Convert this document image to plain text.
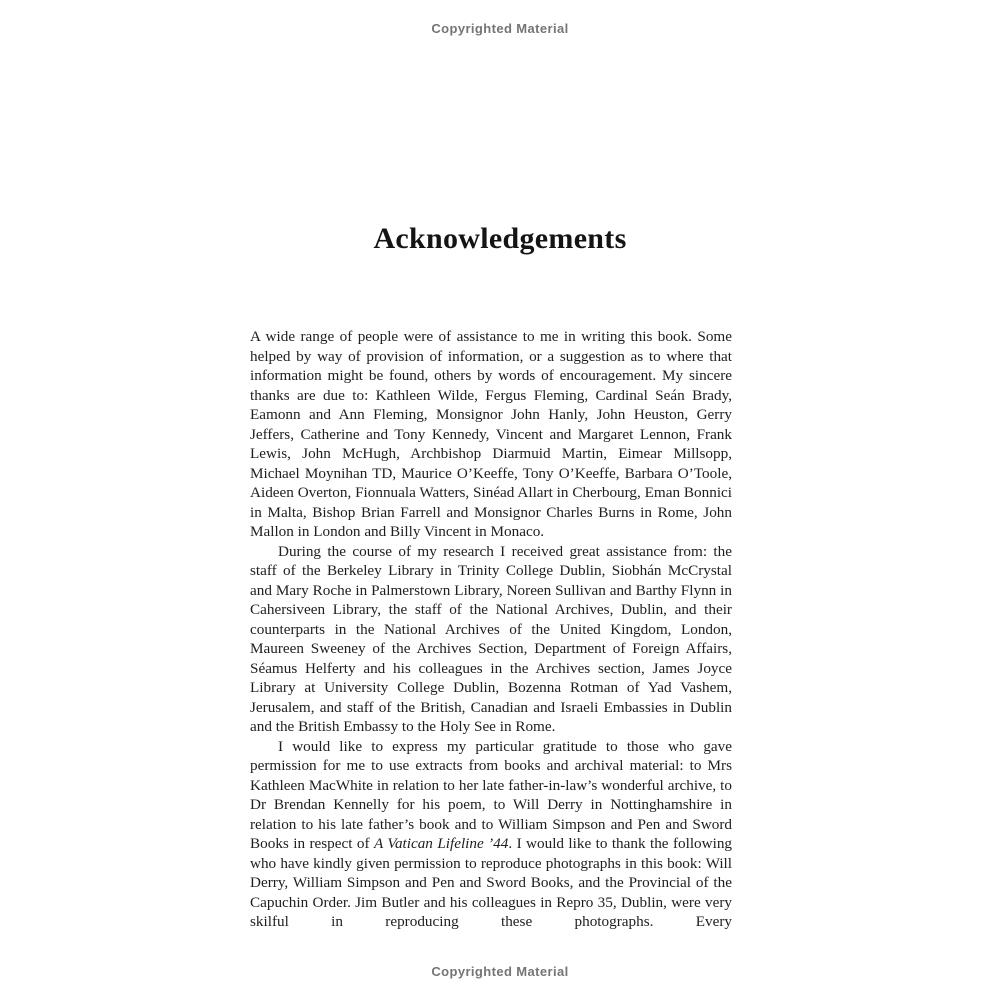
Copyrighted Material
Acknowledgements

A wide range of people were of assistance to me in writing this book. Some helped by way of provision of information, or a suggestion as to where that information might be found, others by words of encouragement. My sincere thanks are due to: Kathleen Wilde, Fergus Fleming, Cardinal Seán Brady, Eamonn and Ann Fleming, Monsignor John Hanly, John Heuston, Gerry Jeffers, Catherine and Tony Kennedy, Vincent and Margaret Lennon, Frank Lewis, John McHugh, Archbishop Diarmuid Martin, Eimear Millsopp, Michael Moynihan TD, Maurice O’Keeffe, Tony O’Keeffe, Barbara O’Toole, Aideen Overton, Fionnuala Watters, Sinéad Allart in Cherbourg, Eman Bonnici in Malta, Bishop Brian Farrell and Monsignor Charles Burns in Rome, John Mallon in London and Billy Vincent in Monaco.

During the course of my research I received great assistance from: the staff of the Berkeley Library in Trinity College Dublin, Siobhán McCrystal and Mary Roche in Palmerstown Library, Noreen Sullivan and Barthy Flynn in Cahersiveen Library, the staff of the National Archives, Dublin, and their counterparts in the National Archives of the United Kingdom, London, Maureen Sweeney of the Archives Section, Department of Foreign Affairs, Séamus Helferty and his colleagues in the Archives section, James Joyce Library at University College Dublin, Bozenna Rotman of Yad Vashem, Jerusalem, and staff of the British, Canadian and Israeli Embassies in Dublin and the British Embassy to the Holy See in Rome.

I would like to express my particular gratitude to those who gave permission for me to use extracts from books and archival material: to Mrs Kathleen MacWhite in relation to her late father-in-law’s wonderful archive, to Dr Brendan Kennelly for his poem, to Will Derry in Nottinghamshire in relation to his late father’s book and to William Simpson and Pen and Sword Books in respect of A Vatican Lifeline ’44. I would like to thank the following who have kindly given permission to reproduce photographs in this book: Will Derry, William Simpson and Pen and Sword Books, and the Provincial of the Capuchin Order. Jim Butler and his colleagues in Repro 35, Dublin, were very skilful in reproducing these photographs. Every

Copyrighted Material
